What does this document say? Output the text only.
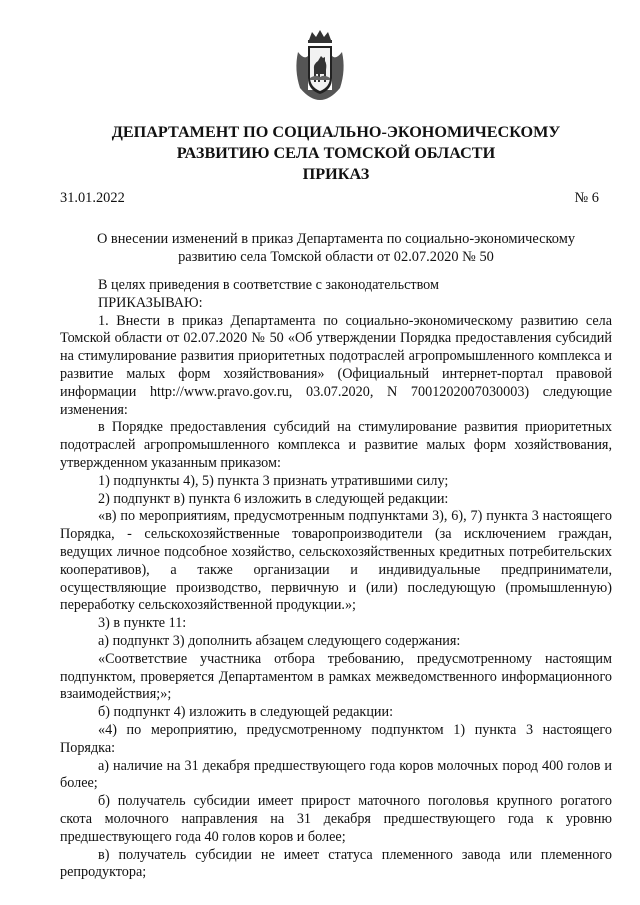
ДЕПАРТАМЕНТ ПО СОЦИАЛЬНО-ЭКОНОМИЧЕСКОМУ
РАЗВИТИЮ СЕЛА ТОМСКОЙ ОБЛАСТИ
ПРИКАЗ
31.01.2022	№ 6
О внесении изменений в приказ Департамента по социально-экономическому
развитию села Томской области от 02.07.2020 № 50

В целях приведения в соответствие с законодательством

ПРИКАЗЫВАЮ:

1. Внести в приказ Департамента по социально-экономическому развитию села Томской области от 02.07.2020 № 50 «Об утверждении Порядка предоставления субсидий на стимулирование развития приоритетных подотраслей агропромышленного комплекса и развитие малых форм хозяйствования» (Официальный интернет-портал правовой информации http://www.pravo.gov.ru, 03.07.2020, N 7001202007030003) следующие изменения:

в Порядке предоставления субсидий на стимулирование развития приоритетных подотраслей агропромышленного комплекса и развитие малых форм хозяйствования, утвержденном указанным приказом:

1) подпункты 4), 5) пункта 3 признать утратившими силу;

2) подпункт в) пункта 6 изложить в следующей редакции:

«в) по мероприятиям, предусмотренным подпунктами 3), 6), 7) пункта 3 настоящего Порядка, - сельскохозяйственные товаропроизводители (за исключением граждан, ведущих личное подсобное хозяйство, сельскохозяйственных кредитных потребительских кооперативов), а также организации и индивидуальные предприниматели, осуществляющие производство, первичную и (или) последующую (промышленную) переработку сельскохозяйственной продукции.»;

3) в пункте 11:

а) подпункт 3) дополнить абзацем следующего содержания:

«Соответствие участника отбора требованию, предусмотренному настоящим подпунктом, проверяется Департаментом в рамках межведомственного информационного взаимодействия;»;

б) подпункт 4) изложить в следующей редакции:

«4) по мероприятию, предусмотренному подпунктом 1) пункта 3 настоящего Порядка:

а) наличие на 31 декабря предшествующего года коров молочных пород 400 голов и более;

б) получатель субсидии имеет прирост маточного поголовья крупного рогатого скота молочного направления на 31 декабря предшествующего года к уровню предшествующего года 40 голов коров и более;

в) получатель субсидии не имеет статуса племенного завода или племенного репродуктора;
